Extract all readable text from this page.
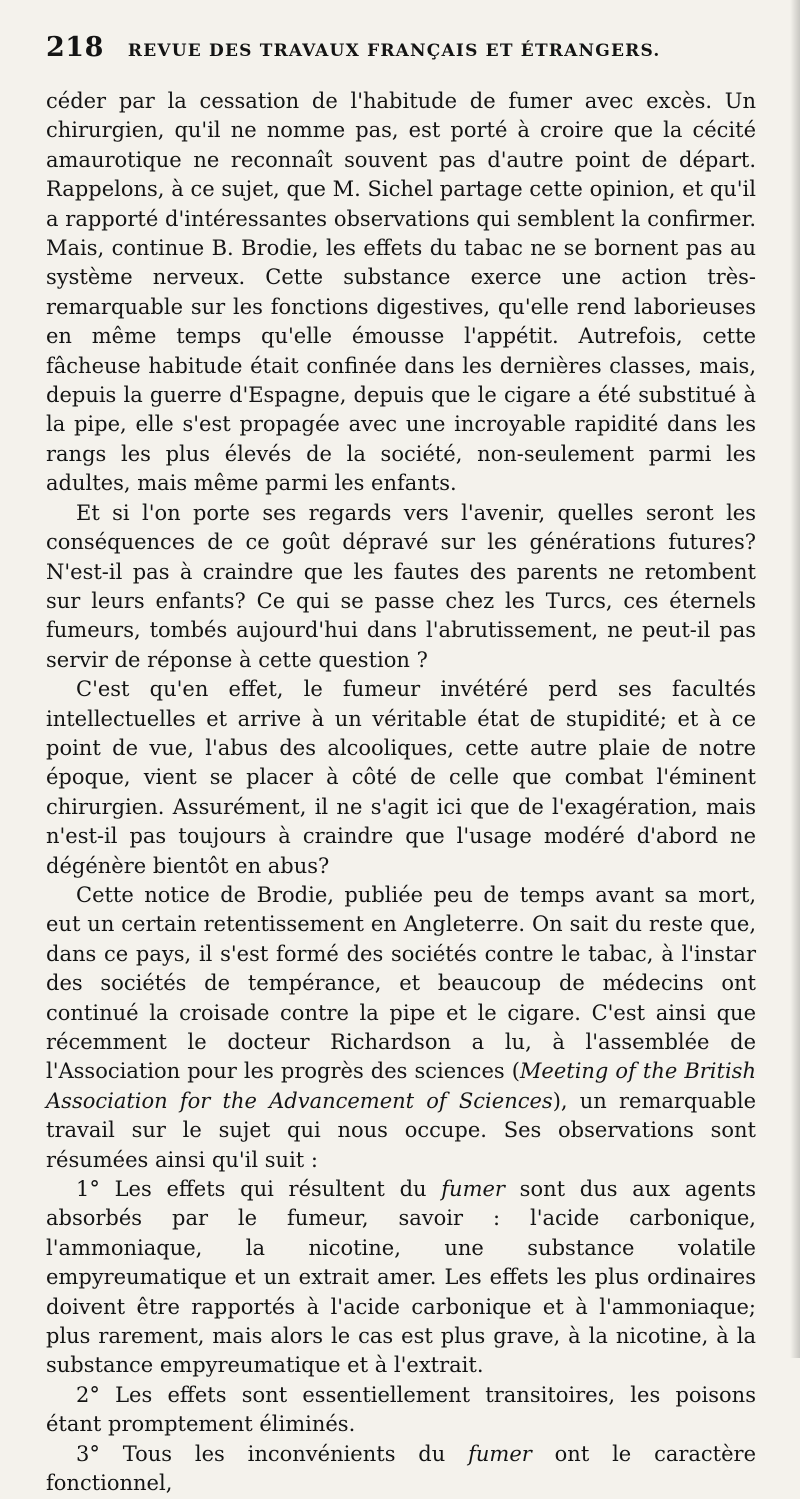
218 REVUE DES TRAVAUX FRANÇAIS ET ÉTRANGERS.

céder par la cessation de l'habitude de fumer avec excès. Un chirurgien, qu'il ne nomme pas, est porté à croire que la cécité amaurotique ne reconnaît souvent pas d'autre point de départ. Rappelons, à ce sujet, que M. Sichel partage cette opinion, et qu'il a rapporté d'intéressantes observations qui semblent la confirmer. Mais, continue B. Brodie, les effets du tabac ne se bornent pas au système nerveux. Cette substance exerce une action très-remarquable sur les fonctions digestives, qu'elle rend laborieuses en même temps qu'elle émousse l'appétit. Autrefois, cette fâcheuse habitude était confinée dans les dernières classes, mais, depuis la guerre d'Espagne, depuis que le cigare a été substitué à la pipe, elle s'est propagée avec une incroyable rapidité dans les rangs les plus élevés de la société, non-seulement parmi les adultes, mais même parmi les enfants.

Et si l'on porte ses regards vers l'avenir, quelles seront les conséquences de ce goût dépravé sur les générations futures? N'est-il pas à craindre que les fautes des parents ne retombent sur leurs enfants? Ce qui se passe chez les Turcs, ces éternels fumeurs, tombés aujourd'hui dans l'abrutissement, ne peut-il pas servir de réponse à cette question ?

C'est qu'en effet, le fumeur invétéré perd ses facultés intellectuelles et arrive à un véritable état de stupidité; et à ce point de vue, l'abus des alcooliques, cette autre plaie de notre époque, vient se placer à côté de celle que combat l'éminent chirurgien. Assurément, il ne s'agit ici que de l'exagération, mais n'est-il pas toujours à craindre que l'usage modéré d'abord ne dégénère bientôt en abus?

Cette notice de Brodie, publiée peu de temps avant sa mort, eut un certain retentissement en Angleterre. On sait du reste que, dans ce pays, il s'est formé des sociétés contre le tabac, à l'instar des sociétés de tempérance, et beaucoup de médecins ont continué la croisade contre la pipe et le cigare. C'est ainsi que récemment le docteur Richardson a lu, à l'assemblée de l'Association pour les progrès des sciences (Meeting of the British Association for the Advancement of Sciences), un remarquable travail sur le sujet qui nous occupe. Ses observations sont résumées ainsi qu'il suit :

1° Les effets qui résultent du fumer sont dus aux agents absorbés par le fumeur, savoir : l'acide carbonique, l'ammoniaque, la nicotine, une substance volatile empyreumatique et un extrait amer. Les effets les plus ordinaires doivent être rapportés à l'acide carbonique et à l'ammoniaque; plus rarement, mais alors le cas est plus grave, à la nicotine, à la substance empyreumatique et à l'extrait.

2° Les effets sont essentiellement transitoires, les poisons étant promptement éliminés.

3° Tous les inconvénients du fumer ont le caractère fonctionnel,
